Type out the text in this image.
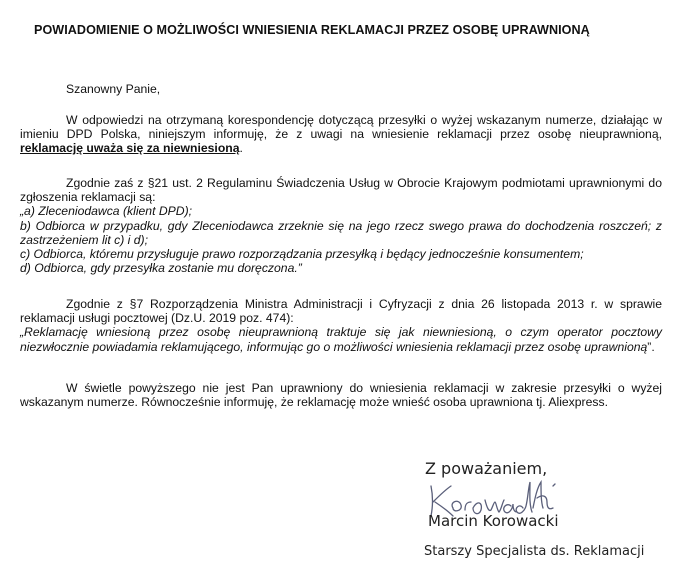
POWIADOMIENIE O MOŻLIWOŚCI WNIESIENIA REKLAMACJI PRZEZ OSOBĘ UPRAWNIONĄ
Szanowny Panie,
W odpowiedzi na otrzymaną korespondencję dotyczącą przesyłki o wyżej wskazanym numerze, działając w imieniu DPD Polska, niniejszym informuję, że z uwagi na wniesienie reklamacji przez osobę nieuprawnioną, reklamację uważa się za niewniesioną.
Zgodnie zaś z §21 ust. 2 Regulaminu Świadczenia Usług w Obrocie Krajowym podmiotami uprawnionymi do zgłoszenia reklamacji są:
„a) Zleceniodawca (klient DPD);
b) Odbiorca w przypadku, gdy Zleceniodawca zrzeknie się na jego rzecz swego prawa do dochodzenia roszczeń; z zastrzeżeniem lit c) i d);
c) Odbiorca, któremu przysługuje prawo rozporządzania przesyłką i będący jednocześnie konsumentem;
d) Odbiorca, gdy przesyłka zostanie mu doręczona.”
Zgodnie z §7 Rozporządzenia Ministra Administracji i Cyfryzacji z dnia 26 listopada 2013 r. w sprawie reklamacji usługi pocztowej (Dz.U. 2019 poz. 474):
„Reklamację wniesioną przez osobę nieuprawnioną traktuje się jak niewniesioną, o czym operator pocztowy niezwłocznie powiadamia reklamującego, informując go o możliwości wniesienia reklamacji przez osobę uprawnioną”.
W świetle powyższego nie jest Pan uprawniony do wniesienia reklamacji w zakresie przesyłki o wyżej wskazanym numerze. Równocześnie informuję, że reklamację może wnieść osoba uprawniona tj. Aliexpress.
Z poważaniem,
Marcin Korowacki
Starszy Specjalista ds. Reklamacji
